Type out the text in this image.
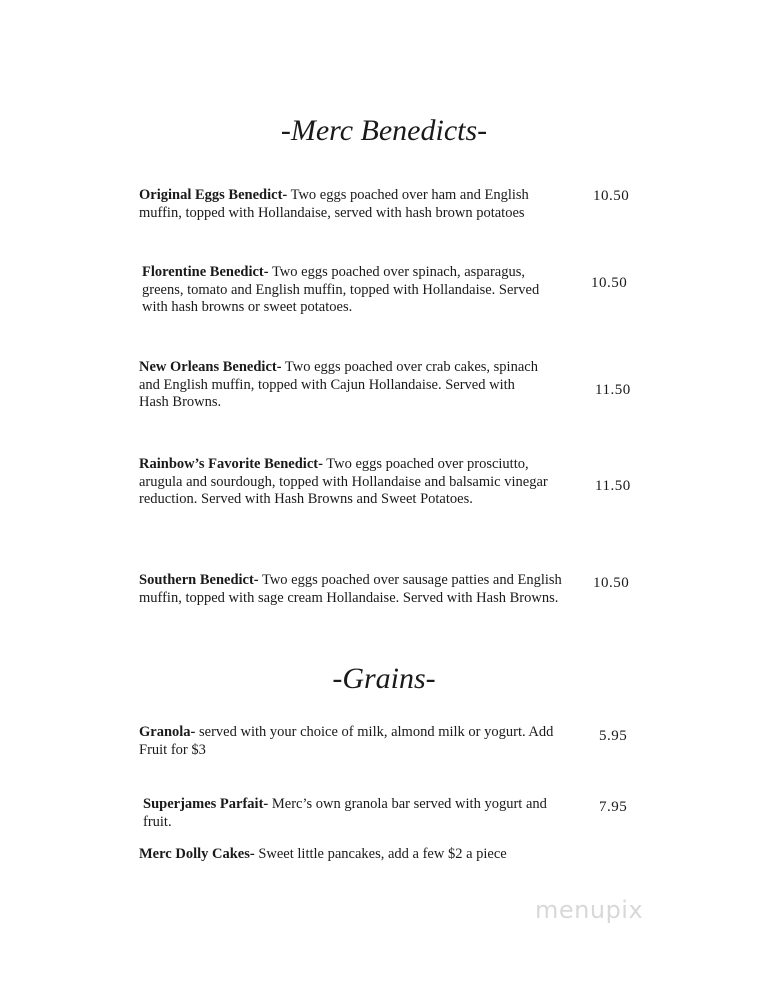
-Merc Benedicts-
Original Eggs Benedict- Two eggs poached over ham and English muffin, topped with Hollandaise, served with hash brown potatoes
10.50
Florentine Benedict- Two eggs poached over spinach, asparagus, greens, tomato and English muffin, topped with Hollandaise. Served with hash browns or sweet potatoes.
10.50
New Orleans Benedict- Two eggs poached over crab cakes, spinach and English muffin, topped with Cajun Hollandaise. Served with Hash Browns.
11.50
Rainbow’s Favorite Benedict- Two eggs poached over prosciutto, arugula and sourdough, topped with Hollandaise and balsamic vinegar reduction. Served with Hash Browns and Sweet Potatoes.
11.50
Southern Benedict- Two eggs poached over sausage patties and English muffin, topped with sage cream Hollandaise. Served with Hash Browns.
10.50
-Grains-
Granola- served with your choice of milk, almond milk or yogurt. Add Fruit for $3
5.95
Superjames Parfait- Merc’s own granola bar served with yogurt and fruit.
7.95
Merc Dolly Cakes- Sweet little pancakes, add a few $2 a piece
menupix
